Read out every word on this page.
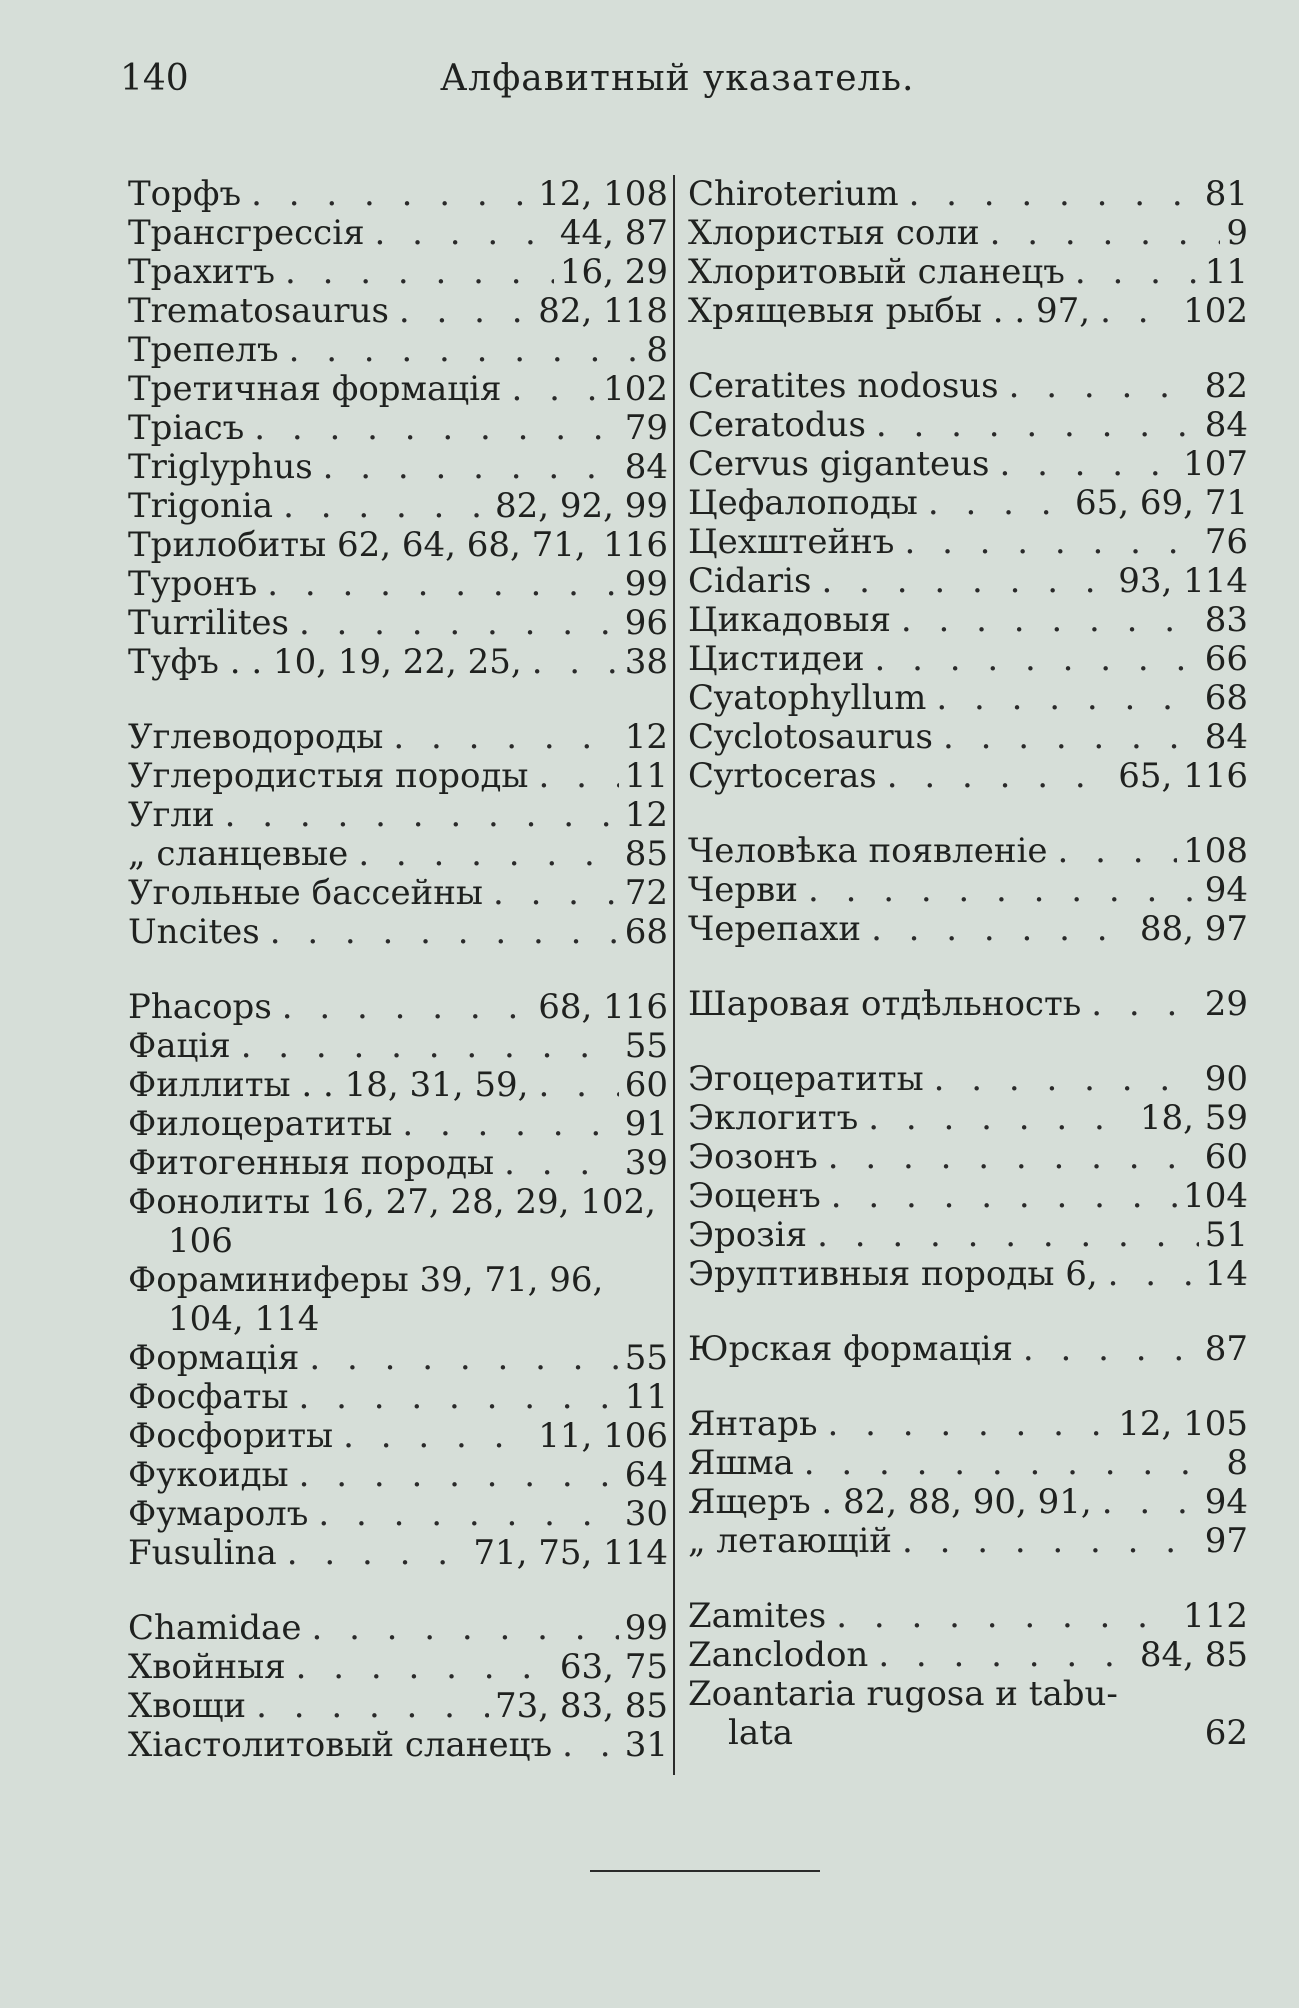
140	Алфавитный указатель.
Торфъ . . .	12, 108
Трансгрессія . . .	44, 87
Трахитъ . . .	16, 29
Trematosaurus . . .	82, 118
Трепелъ . . .	8
Третичная формація . . .	102
Тріасъ . . .	79
Triglyphus . . .	84
Trigonia . . .	82, 92, 99
Трилобиты 62, 64, 68, 71, . . . 116
Туронъ . . .	99
Turrilites . . .	96
Туфъ . . 10, 19, 22, 25, . . .	38
Углеводороды . . .	12
Углеродистыя породы . . .	11
Угли . . .	12
„ сланцевые . . .	85
Угольные бассейны . . .	72
Uncites . . .	68
Phacops . . .	68, 116
Фація . . .	55
Филлиты . . 18, 31, 59, . . .	60
Филоцератиты . . .	91
Фитогенныя породы . . .	39
Фонолиты 16, 27, 28, 29, 102,
106
Фораминиферы 39, 71, 96,
104, 114
Формація . . .	55
Фосфаты . . .	11
Фосфориты . . .	11, 106
Фукоиды . . .	64
Фумаролъ . . .	30
Fusulina . . .	71, 75, 114
Chamidae . . .	99
Хвойныя . . .	63, 75
Хвощи . . .	73, 83, 85
Хіастолитовый сланецъ . . . 31
Chiroterium . . .	81
Хлористыя соли . . .	9
Хлоритовый сланецъ . . .	11
Хрящевыя рыбы . . 97, . . .	102
Ceratites nodosus . . .	82
Ceratodus . . .	84
Cervus giganteus . . .	107
Цефалоподы . . .	65, 69, 71
Цехштейнъ . . .	76
Cidaris . . .	93, 114
Цикадовыя . . .	83
Цистидеи . . .	66
Cyatophyllum . . .	68
Cyclotosaurus . . .	84
Cyrtoceras . . .	65, 116
Человѣка появленіе . . .	108
Черви . . .	94
Черепахи . . .	88, 97
Шаровая отдѣльность . . .	29
Эгоцератиты . . .	90
Эклогитъ . . .	18, 59
Эозонъ . . .	60
Эоценъ . . .	104
Эрозія . . .	51
Эруптивныя породы 6, . . .	14
Юрская формація . . .	87
Янтарь . . .	12, 105
Яшма . . .	8
Ящеръ . 82, 88, 90, 91, . . .	94
„ летающій . . .	97
Zamites . . .	112
Zanclodon . . .	84, 85
Zoantaria rugosa и tabu-
lata	62
